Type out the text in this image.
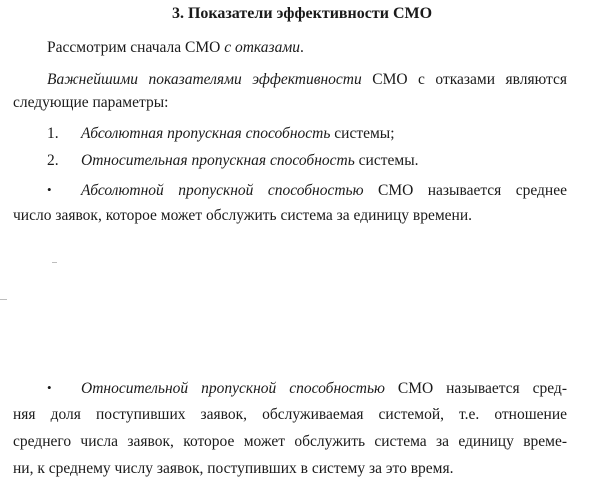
3. Показатели эффективности СМО
Рассмотрим сначала СМО с отказами.
Важнейшими показателями эффективности СМО с отказами являются
следующие параметры:
1. Абсолютная пропускная способность системы;
2. Относительная пропускная способность системы.
• Абсолютной пропускной способностью СМО называется среднее
число заявок, которое может обслужить система за единицу времени.
• Относительной пропускной способностью СМО называется сред-
няя доля поступивших заявок, обслуживаемая системой, т.е. отношение
среднего числа заявок, которое может обслужить система за единицу време-
ни, к среднему числу заявок, поступивших в систему за это время.
